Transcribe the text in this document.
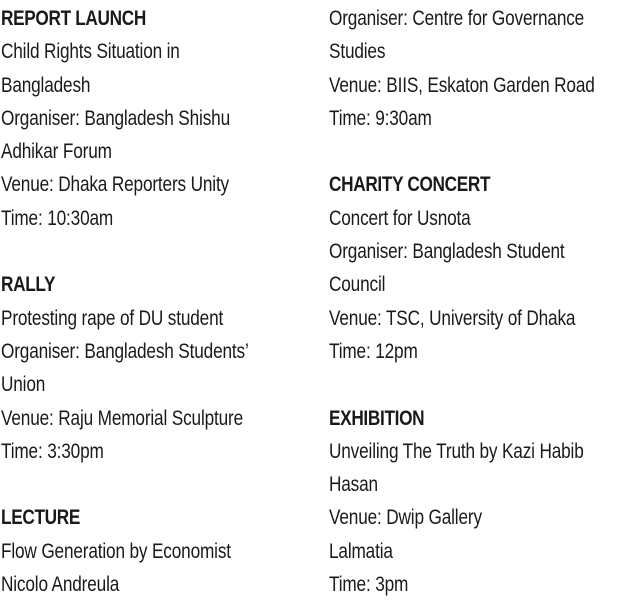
REPORT LAUNCH
Child Rights Situation in
Bangladesh
Organiser: Bangladesh Shishu
Adhikar Forum
Venue: Dhaka Reporters Unity
Time: 10:30am
RALLY
Protesting rape of DU student
Organiser: Bangladesh Students’
Union
Venue: Raju Memorial Sculpture
Time: 3:30pm
LECTURE
Flow Generation by Economist
Nicolo Andreula
Organiser: Centre for Governance
Studies
Venue: BIIS, Eskaton Garden Road
Time: 9:30am
CHARITY CONCERT
Concert for Usnota
Organiser: Bangladesh Student
Council
Venue: TSC, University of Dhaka
Time: 12pm
EXHIBITION
Unveiling The Truth by Kazi Habib
Hasan
Venue: Dwip Gallery
Lalmatia
Time: 3pm
